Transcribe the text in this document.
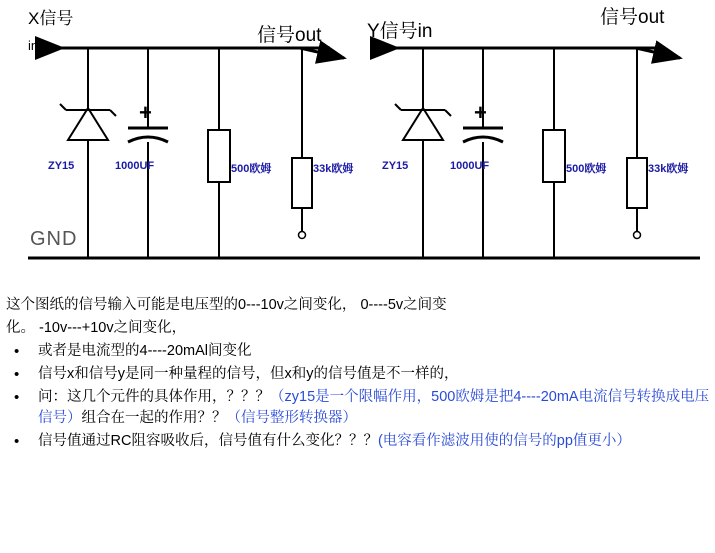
+	+
X信号
in	信号out Y信号in
信号out
ZY15	1000UF	500欧姆	33k欧姆	ZY15	1000UF	500欧姆	33k欧姆
GND
这个图纸的信号输入可能是电压型的0---10v之间变化， 0----5v之间变
化。 -10v---+10v之间变化，
• 或者是电流型的4----20mAl间变化
• 信号x和信号y是同一种量程的信号，但x和y的信号值是不一样的，
• 问：这几个元件的具体作用，？？？（zy15是一个限幅作用，500欧姆是把4----20mA电流信号转换成电压信号）组合在一起的作用？？（信号整形转换器）
• 信号值通过RC阻容吸收后，信号值有什么变化？？？(电容看作滤波用使的信号的pp值更小）
